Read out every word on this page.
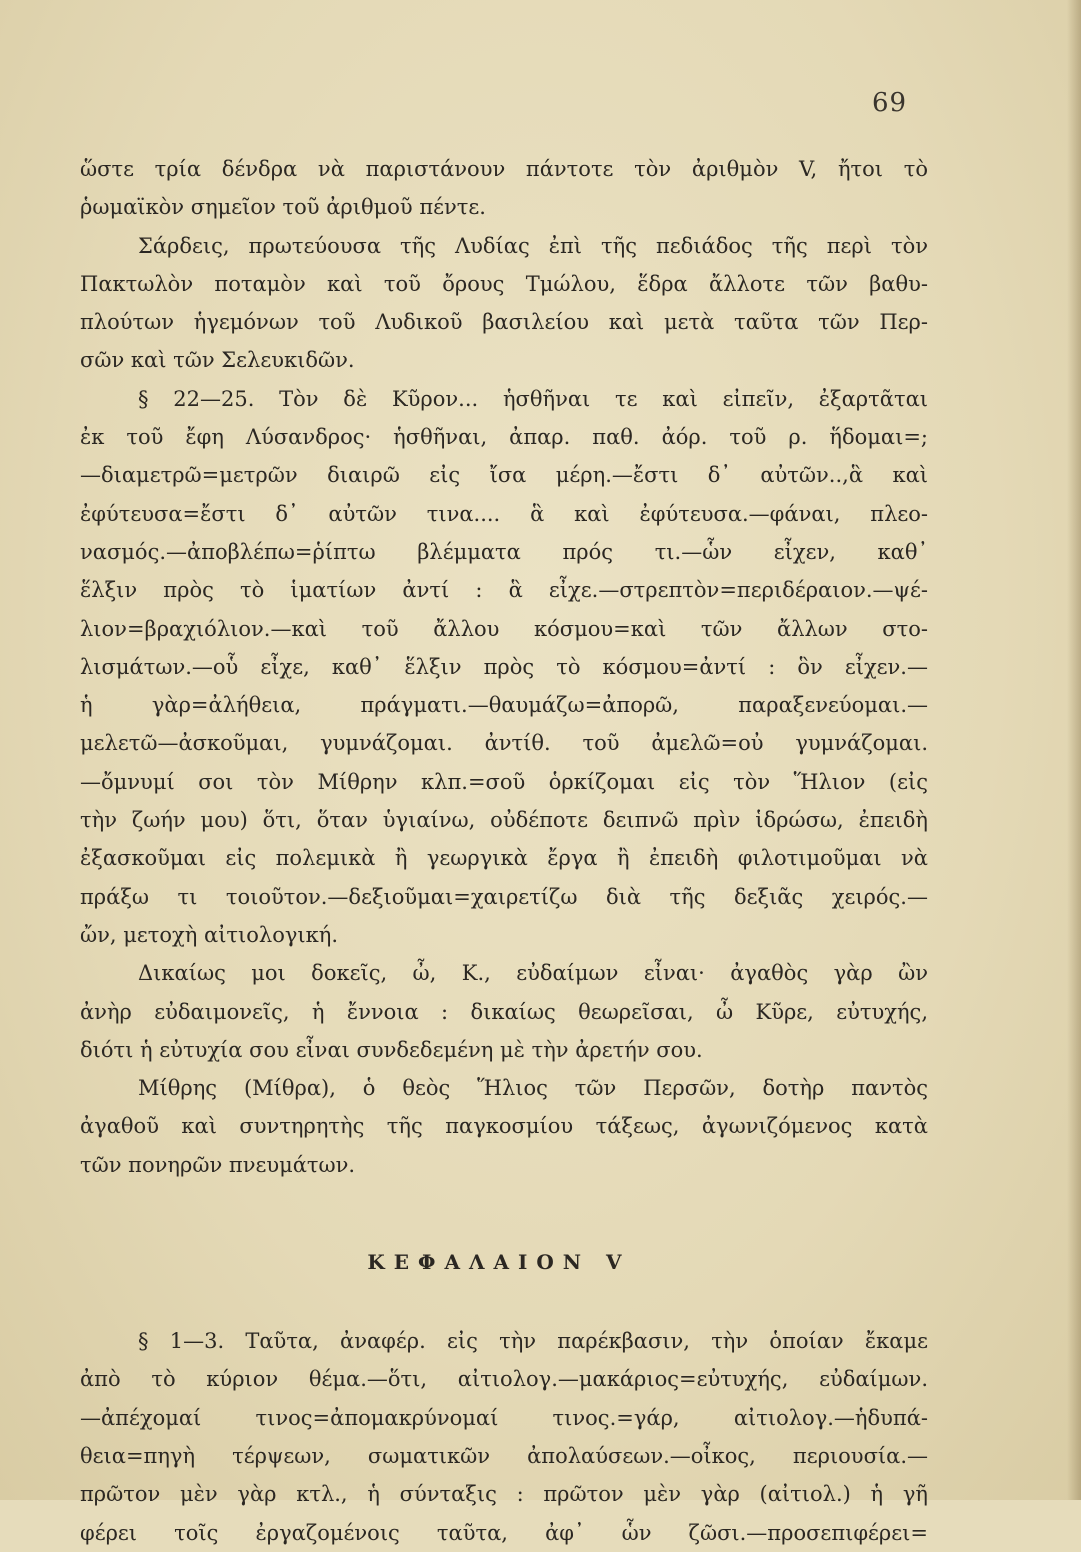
69
ὥστε τρία δένδρα νὰ παριστάνουν πάντοτε τὸν ἀριθμὸν V, ἤτοι τὸ
ῥωμαϊκὸν σημεῖον τοῦ ἀριθμοῦ πέντε.
Σάρδεις, πρωτεύουσα τῆς Λυδίας ἐπὶ τῆς πεδιάδος τῆς περὶ τὸν
Πακτωλὸν ποταμὸν καὶ τοῦ ὄρους Τμώλου, ἕδρα ἄλλοτε τῶν βαθυ-
πλούτων ἡγεμόνων τοῦ Λυδικοῦ βασιλείου καὶ μετὰ ταῦτα τῶν Περ-
σῶν καὶ τῶν Σελευκιδῶν.
§ 22—25. Τὸν δὲ Κῦρον... ἡσθῆναι τε καὶ εἰπεῖν, ἐξαρτᾶται
ἐκ τοῦ ἔφη Λύσανδρος· ἡσθῆναι, ἀπαρ. παθ. ἀόρ. τοῦ ρ. ἥδομαι=;
—διαμετρῶ=μετρῶν διαιρῶ εἰς ἴσα μέρη.—ἔστι δ᾽ αὐτῶν..,ἃ καὶ
ἐφύτευσα=ἔστι δ᾽ αὐτῶν τινα.... ἃ καὶ ἐφύτευσα.—φάναι, πλεο-
νασμός.—ἀποβλέπω=ῥίπτω βλέμματα πρός τι.—ὧν εἶχεν, καθ᾽
ἕλξιν πρὸς τὸ ἱματίων ἀντί : ἃ εἶχε.—στρεπτὸν=περιδέραιον.—ψέ-
λιον=βραχιόλιον.—καὶ τοῦ ἄλλου κόσμου=καὶ τῶν ἄλλων στο-
λισμάτων.—οὗ εἶχε, καθ᾽ ἕλξιν πρὸς τὸ κόσμου=ἀντί : ὃν εἶχεν.—
ἡ γὰρ=ἀλήθεια, πράγματι.—θαυμάζω=ἀπορῶ, παραξενεύομαι.—
μελετῶ—ἀσκοῦμαι, γυμνάζομαι. ἀντίθ. τοῦ ἀμελῶ=οὐ γυμνάζομαι.
—ὄμνυμί σοι τὸν Μίθρην κλπ.=σοῦ ὁρκίζομαι εἰς τὸν Ἥλιον (εἰς
τὴν ζωήν μου) ὅτι, ὅταν ὑγιαίνω, οὐδέποτε δειπνῶ πρὶν ἱδρώσω, ἐπειδὴ
ἐξασκοῦμαι εἰς πολεμικὰ ἢ γεωργικὰ ἔργα ἢ ἐπειδὴ φιλοτιμοῦμαι νὰ
πράξω τι τοιοῦτον.—δεξιοῦμαι=χαιρετίζω διὰ τῆς δεξιᾶς χειρός.—
ὤν, μετοχὴ αἰτιολογική.
Δικαίως μοι δοκεῖς, ὦ, Κ., εὐδαίμων εἶναι· ἀγαθὸς γὰρ ὢν
ἀνὴρ εὐδαιμονεῖς, ἡ ἔννοια : δικαίως θεωρεῖσαι, ὦ Κῦρε, εὐτυχής,
διότι ἡ εὐτυχία σου εἶναι συνδεδεμένη μὲ τὴν ἀρετήν σου.
Μίθρης (Μίθρα), ὁ θεὸς Ἥλιος τῶν Περσῶν, δοτὴρ παντὸς
ἀγαθοῦ καὶ συντηρητὴς τῆς παγκοσμίου τάξεως, ἀγωνιζόμενος κατὰ
τῶν πονηρῶν πνευμάτων.
ΚΕΦΑΛΑΙΟΝ V
§ 1—3. Ταῦτα, ἀναφέρ. εἰς τὴν παρέκβασιν, τὴν ὁποίαν ἔκαμε
ἀπὸ τὸ κύριον θέμα.—ὅτι, αἰτιολογ.—μακάριος=εὐτυχής, εὐδαίμων.
—ἀπέχομαί τινος=ἀπομακρύνομαί τινος.=γάρ, αἰτιολογ.—ἡδυπά-
θεια=πηγὴ τέρψεων, σωματικῶν ἀπολαύσεων.—οἶκος, περιουσία.—
πρῶτον μὲν γὰρ κτλ., ἡ σύνταξις : πρῶτον μὲν γὰρ (αἰτιολ.) ἡ γῆ
φέρει τοῖς ἐργαζομένοις ταῦτα, ἀφ᾽ ὧν ζῶσι.—προσεπιφέρει=
